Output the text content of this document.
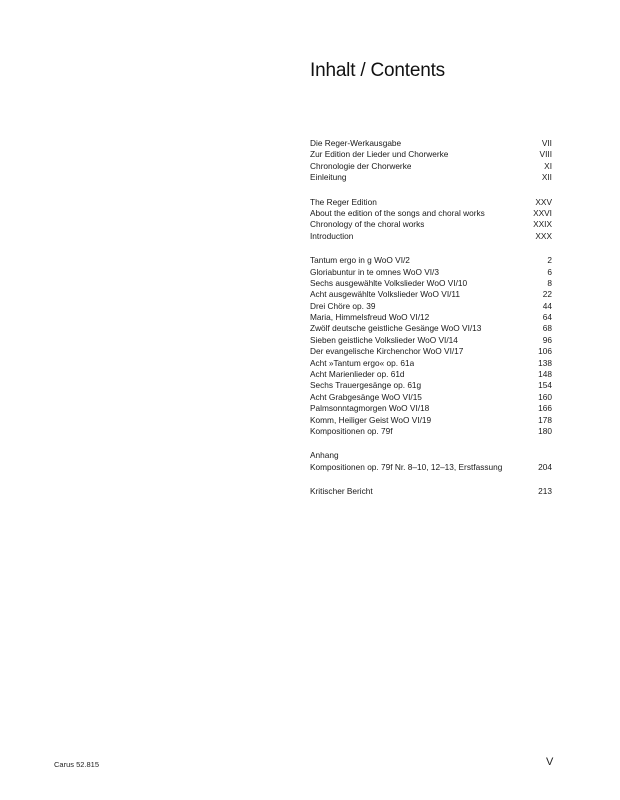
Inhalt / Contents
Die Reger-Werkausgabe	VII
Zur Edition der Lieder und Chorwerke	VIII
Chronologie der Chorwerke	XI
Einleitung	XII
The Reger Edition	XXV
About the edition of the songs and choral works	XXVI
Chronology of the choral works	XXIX
Introduction	XXX
Tantum ergo in g WoO VI/2	2
Gloriabuntur in te omnes WoO VI/3	6
Sechs ausgewählte Volkslieder WoO VI/10	8
Acht ausgewählte Volkslieder WoO VI/11	22
Drei Chöre op. 39	44
Maria, Himmelsfreud WoO VI/12	64
Zwölf deutsche geistliche Gesänge WoO VI/13	68
Sieben geistliche Volkslieder WoO VI/14	96
Der evangelische Kirchenchor WoO VI/17	106
Acht »Tantum ergo« op. 61a	138
Acht Marienlieder op. 61d	148
Sechs Trauergesänge op. 61g	154
Acht Grabgesänge WoO VI/15	160
Palmsonntagmorgen WoO VI/18	166
Komm, Heiliger Geist WoO VI/19	178
Kompositionen op. 79f	180
Anhang
Kompositionen op. 79f Nr. 8–10, 12–13, Erstfassung	204
Kritischer Bericht	213
Carus 52.815	V
